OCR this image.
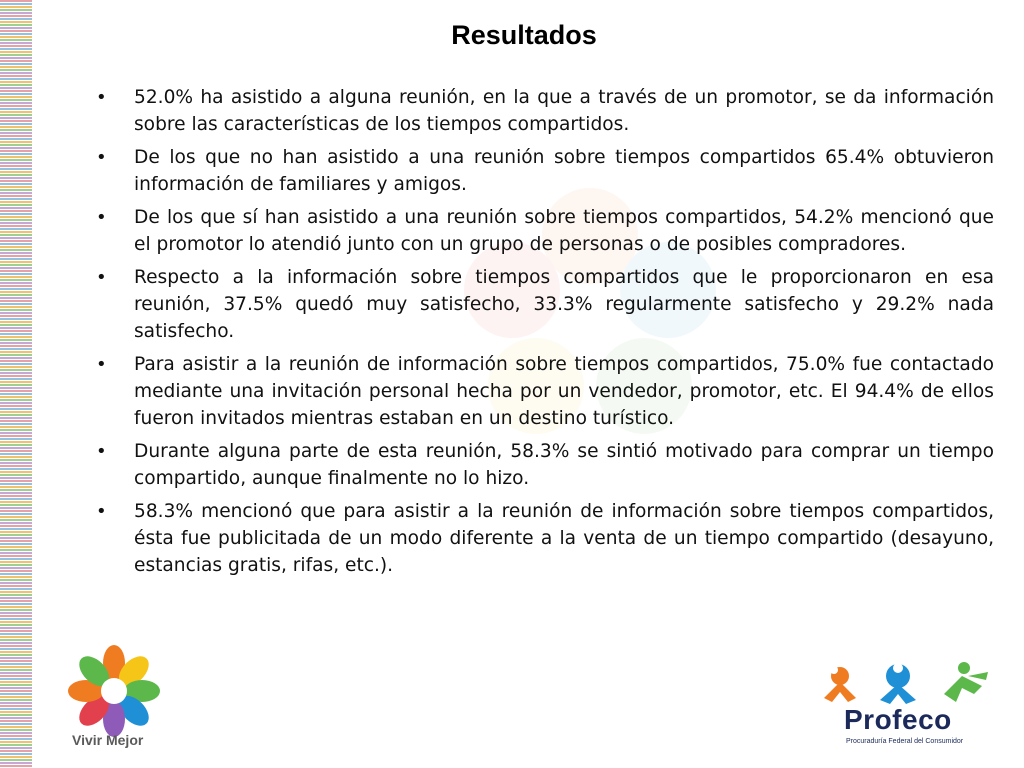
Resultados
• 52.0% ha asistido a alguna reunión, en la que a través de un promotor, se da información sobre las características de los tiempos compartidos.
• De los que no han asistido a una reunión sobre tiempos compartidos 65.4% obtuvieron información de familiares y amigos.
• De los que sí han asistido a una reunión sobre tiempos compartidos, 54.2% mencionó que el promotor lo atendió junto con un grupo de personas o de posibles compradores.
• Respecto a la información sobre tiempos compartidos que le proporcionaron en esa reunión, 37.5% quedó muy satisfecho, 33.3% regularmente satisfecho y 29.2% nada satisfecho.
• Para asistir a la reunión de información sobre tiempos compartidos, 75.0% fue contactado mediante una invitación personal hecha por un vendedor, promotor, etc. El 94.4% de ellos fueron invitados mientras estaban en un destino turístico.
• Durante alguna parte de esta reunión, 58.3% se sintió motivado para comprar un tiempo compartido, aunque finalmente no lo hizo.
• 58.3% mencionó que para asistir a la reunión de información sobre tiempos compartidos, ésta fue publicitada de un modo diferente a la venta de un tiempo compartido (desayuno, estancias gratis, rifas, etc.).
Vivir Mejor
Profeco
Procuraduría Federal del Consumidor
